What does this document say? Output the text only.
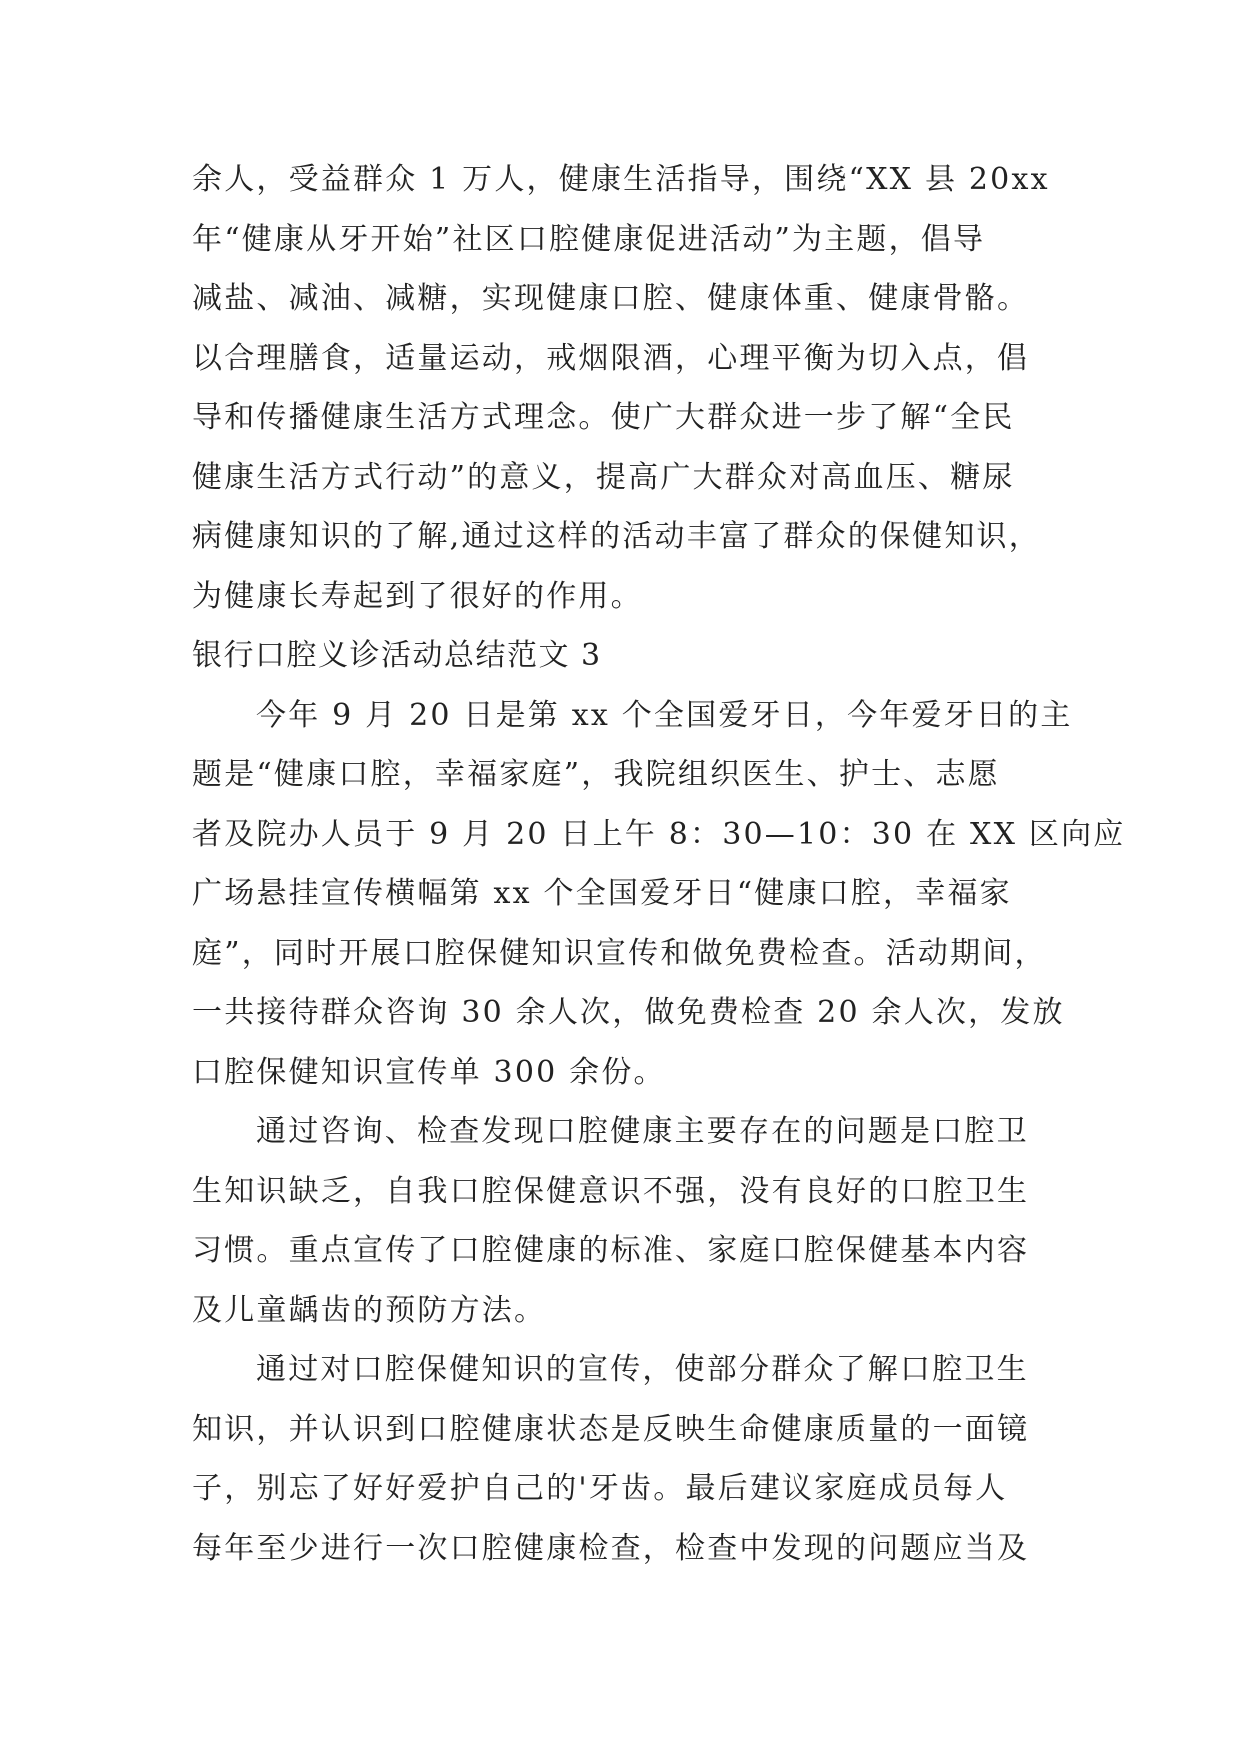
余人，受益群众 1 万人，健康生活指导，围绕“XX 县 20xx
年“健康从牙开始”社区口腔健康促进活动”为主题，倡导
减盐、减油、减糖，实现健康口腔、健康体重、健康骨骼。
以合理膳食，适量运动，戒烟限酒，心理平衡为切入点，倡
导和传播健康生活方式理念。使广大群众进一步了解“全民
健康生活方式行动”的意义，提高广大群众对高血压、糖尿
病健康知识的了解,通过这样的活动丰富了群众的保健知识，
为健康长寿起到了很好的作用。
银行口腔义诊活动总结范文 3
今年 9 月 20 日是第 xx 个全国爱牙日，今年爱牙日的主
题是“健康口腔，幸福家庭”，我院组织医生、护士、志愿
者及院办人员于 9 月 20 日上午 8：30—10：30 在 XX 区向应
广场悬挂宣传横幅第 xx 个全国爱牙日“健康口腔，幸福家
庭”，同时开展口腔保健知识宣传和做免费检查。活动期间，
一共接待群众咨询 30 余人次，做免费检查 20 余人次，发放
口腔保健知识宣传单 300 余份。
通过咨询、检查发现口腔健康主要存在的问题是口腔卫
生知识缺乏，自我口腔保健意识不强，没有良好的口腔卫生
习惯。重点宣传了口腔健康的标准、家庭口腔保健基本内容
及儿童龋齿的预防方法。
通过对口腔保健知识的宣传，使部分群众了解口腔卫生
知识，并认识到口腔健康状态是反映生命健康质量的一面镜
子，别忘了好好爱护自己的'牙齿。最后建议家庭成员每人
每年至少进行一次口腔健康检查，检查中发现的问题应当及
